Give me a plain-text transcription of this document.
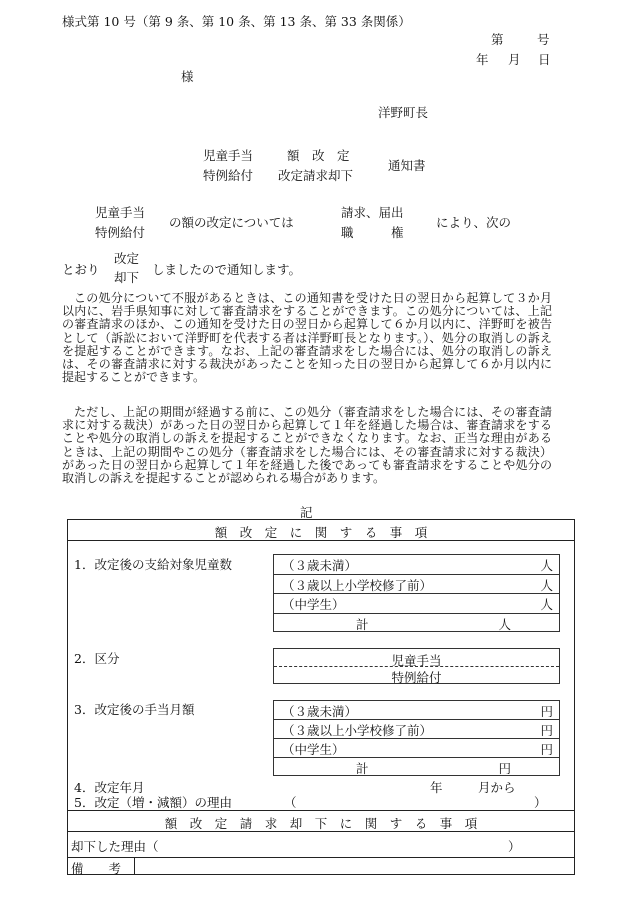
様式第 10 号（第 9 条、第 10 条、第 13 条、第 33 条関係）
第	号
年 月 日
様
洋野町長
児童手当	額　改　定
特例給付 改定請求却下
通知書
児童手当
特例給付
の額の改定については
請求、届出
職　　　権
により、次の
とおり
改定
却下
しましたので通知します。
この処分について不服があるときは、この通知書を受けた日の翌日から起算して３か月以内に、岩手県知事に対して審査請求をすることができます。この処分については、上記の審査請求のほか、この通知を受けた日の翌日から起算して６か月以内に、洋野町を被告として（訴訟において洋野町を代表する者は洋野町長となります。）、処分の取消しの訴えを提起することができます。なお、上記の審査請求をした場合には、処分の取消しの訴えは、その審査請求に対する裁決があったことを知った日の翌日から起算して６か月以内に提起することができます。
ただし、上記の期間が経過する前に、この処分（審査請求をした場合には、その審査請求に対する裁決）があった日の翌日から起算して１年を経過した場合は、審査請求をすることや処分の取消しの訴えを提起することができなくなります。なお、正当な理由があるときは、上記の期間やこの処分（審査請求をした場合には、その審査請求に対する裁決）があった日の翌日から起算して１年を経過した後であっても審査請求をすることや処分の取消しの訴えを提起することが認められる場合があります。
記
額　改　定　に　関　す　る　事　項
1．改定後の支給対象児童数	（３歳未満）	人
（３歳以上小学校修了前）	人
（中学生）	人
計	人
2．区分	児童手当
特例給付
3．改定後の手当月額	（３歳未満）	円
（３歳以上小学校修了前）	円
（中学生）	円
計	円
4．改定年月	年	月から
5．改定（増・減額）の理由	（	）
額　改　定　請　求　却　下　に　関　す　る　事　項
却下した理由（	）
備　　考
